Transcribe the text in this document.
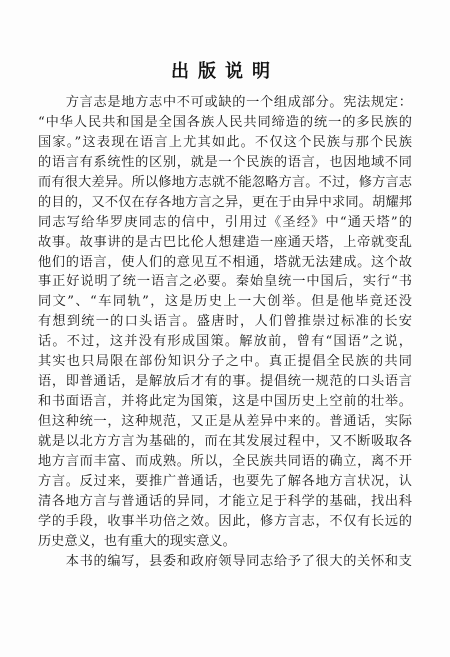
出版说明
　　方言志是地方志中不可或缺的一个组成部分。宪法规定：
“中华人民共和国是全国各族人民共同缔造的统一的多民族的
国家。”这表现在语言上尤其如此。不仅这个民族与那个民族
的语言有系统性的区别，就是一个民族的语言，也因地域不同
而有很大差异。所以修地方志就不能忽略方言。不过，修方言志
的目的，又不仅在存各地方言之异，更在于由异中求同。胡耀邦
同志写给华罗庚同志的信中，引用过《圣经》中“通天塔”的
故事。故事讲的是古巴比伦人想建造一座通天塔，上帝就变乱
他们的语言，使人们的意见互不相通，塔就无法建成。这个故
事正好说明了统一语言之必要。秦始皇统一中国后，实行“书
同文”、“车同轨”，这是历史上一大创举。但是他毕竟还没
有想到统一的口头语言。盛唐时，人们曾推崇过标准的长安
话。不过，这并没有形成国策。解放前，曾有“国语”之说，
其实也只局限在部份知识分子之中。真正提倡全民族的共同
语，即普通话，是解放后才有的事。提倡统一规范的口头语言
和书面语言，并将此定为国策，这是中国历史上空前的壮举。
但这种统一，这种规范，又正是从差异中来的。普通话，实际
就是以北方方言为基础的，而在其发展过程中，又不断吸取各
地方言而丰富、而成熟。所以，全民族共同语的确立，离不开
方言。反过来，要推广普通话，也要先了解各地方言状况，认
清各地方言与普通话的异同，才能立足于科学的基础，找出科
学的手段，收事半功倍之效。因此，修方言志，不仅有长远的
历史意义，也有重大的现实意义。
　　本书的编写，县委和政府领导同志给予了很大的关怀和支
